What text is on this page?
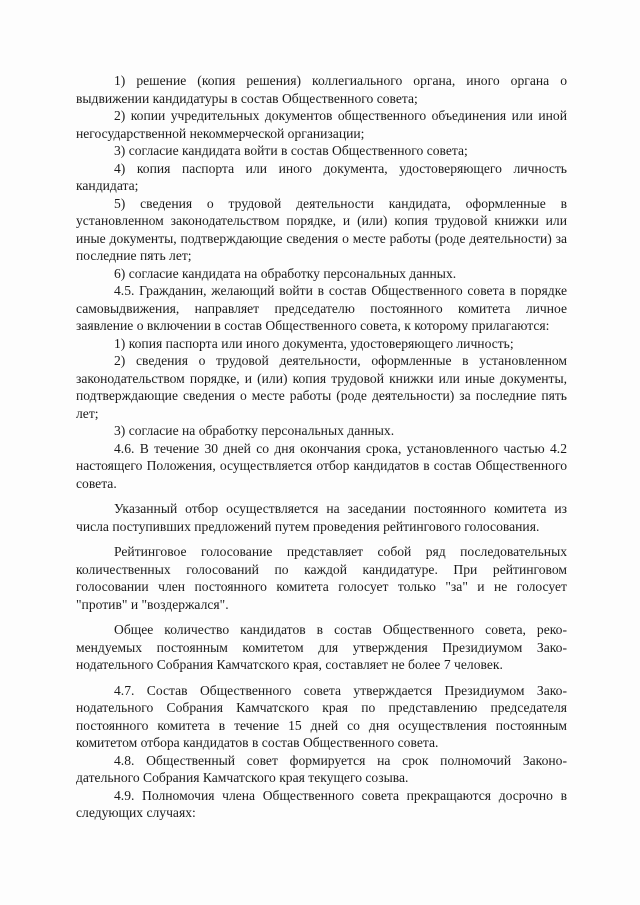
1) решение (копия решения) коллегиального органа, иного органа о выдвижении кандидатуры в состав Общественного совета;

2) копии учредительных документов общественного объединения или иной негосударственной некоммерческой организации;

3) согласие кандидата войти в состав Общественного совета;

4) копия паспорта или иного документа, удостоверяющего личность кандидата;

5) сведения о трудовой деятельности кандидата, оформленные в установленном законодательством порядке, и (или) копия трудовой книжки или иные документы, подтверждающие сведения о месте работы (роде деятельности) за последние пять лет;

6) согласие кандидата на обработку персональных данных.

4.5. Гражданин, желающий войти в состав Общественного совета в порядке самовыдвижения, направляет председателю постоянного комитета личное заявление о включении в состав Общественного совета, к которому прилагаются:

1) копия паспорта или иного документа, удостоверяющего личность;

2) сведения о трудовой деятельности, оформленные в установленном законодательством порядке, и (или) копия трудовой книжки или иные документы, подтверждающие сведения о месте работы (роде деятельности) за последние пять лет;

3) согласие на обработку персональных данных.

4.6. В течение 30 дней со дня окончания срока, установленного частью 4.2 настоящего Положения, осуществляется отбор кандидатов в состав Общественного совета.

Указанный отбор осуществляется на заседании постоянного комитета из числа поступивших предложений путем проведения рейтингового голосования.

Рейтинговое голосование представляет собой ряд последовательных количественных голосований по каждой кандидатуре. При рейтинговом голосовании член постоянного комитета голосует только "за" и не голосует "против" и "воздержался".

Общее количество кандидатов в состав Общественного совета, рекомендуемых постоянным комитетом для утверждения Президиумом Законодательного Собрания Камчатского края, составляет не более 7 человек.

4.7. Состав Общественного совета утверждается Президиумом Законодательного Собрания Камчатского края по представлению председателя постоянного комитета в течение 15 дней со дня осуществления постоянным комитетом отбора кандидатов в состав Общественного совета.

4.8. Общественный совет формируется на срок полномочий Законодательного Собрания Камчатского края текущего созыва.

4.9. Полномочия члена Общественного совета прекращаются досрочно в следующих случаях:
